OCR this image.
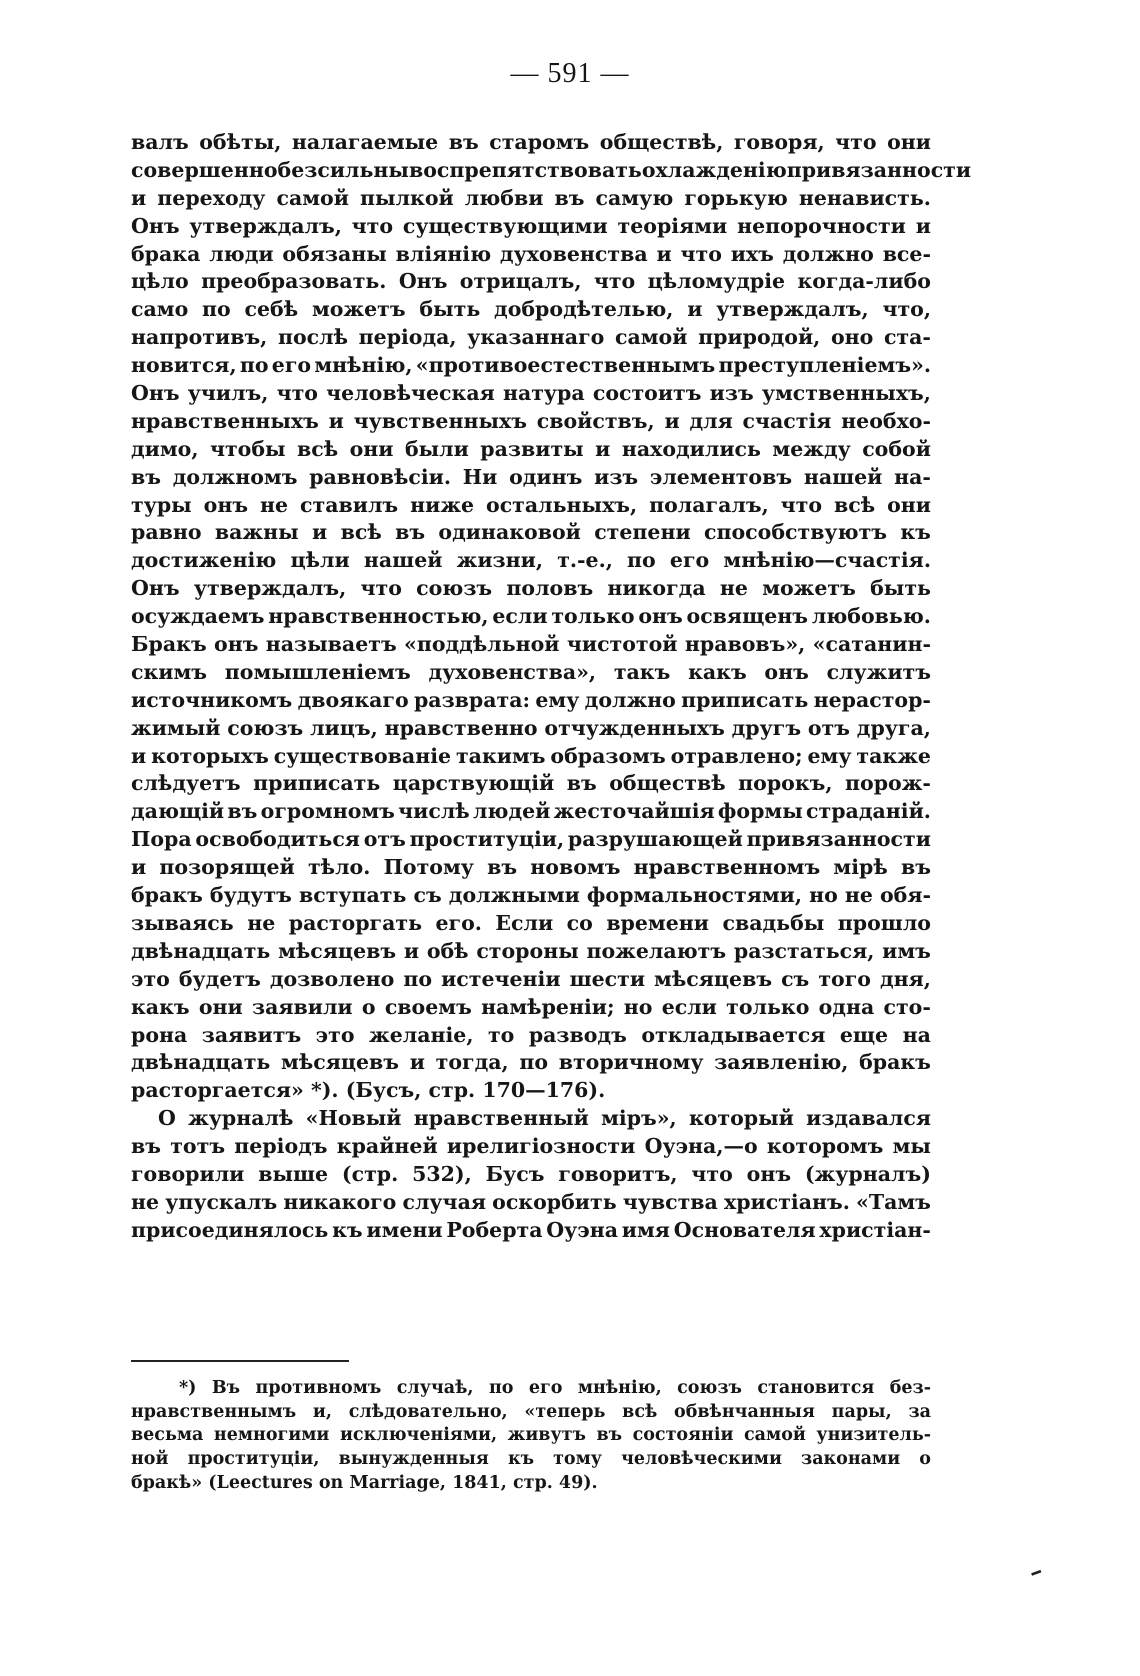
— 591 —
валъ обѣты, налагаемые въ старомъ обществѣ, говоря, что они
совершенно безсильны воспрепятствовать охлажденію привязанности
и переходу самой пылкой любви въ самую горькую ненависть.
Онъ утверждалъ, что существующими теоріями непорочности и
брака люди обязаны вліянію духовенства и что ихъ должно все-
цѣло преобразовать. Онъ отрицалъ, что цѣломудріе когда-либо
само по себѣ можетъ быть добродѣтелью, и утверждалъ, что,
напротивъ, послѣ періода, указаннаго самой природой, оно ста-
новится, по его мнѣнію, «противоестественнымъ преступленіемъ».
Онъ училъ, что человѣческая натура состоитъ изъ умственныхъ,
нравственныхъ и чувственныхъ свойствъ, и для счастія необхо-
димо, чтобы всѣ они были развиты и находились между собой
въ должномъ равновѣсіи. Ни одинъ изъ элементовъ нашей на-
туры онъ не ставилъ ниже остальныхъ, полагалъ, что всѣ они
равно важны и всѣ въ одинаковой степени способствуютъ къ
достиженію цѣли нашей жизни, т.-е., по его мнѣнію—счастія.
Онъ утверждалъ, что союзъ половъ никогда не можетъ быть
осуждаемъ нравственностью, если только онъ освященъ любовью.
Бракъ онъ называетъ «поддѣльной чистотой нравовъ», «сатанин-
скимъ помышленіемъ духовенства», такъ какъ онъ служитъ
источникомъ двоякаго разврата: ему должно приписать нерастор-
жимый союзъ лицъ, нравственно отчужденныхъ другъ отъ друга,
и которыхъ существованіе такимъ образомъ отравлено; ему также
слѣдуетъ приписать царствующій въ обществѣ порокъ, порож-
дающій въ огромномъ числѣ людей жесточайшія формы страданій.
Пора освободиться отъ проституціи, разрушающей привязанности
и позорящей тѣло. Потому въ новомъ нравственномъ мірѣ въ
бракъ будутъ вступать съ должными формальностями, но не обя-
зываясь не расторгать его. Если со времени свадьбы прошло
двѣнадцать мѣсяцевъ и обѣ стороны пожелаютъ разстаться, имъ
это будетъ дозволено по истеченіи шести мѣсяцевъ съ того дня,
какъ они заявили о своемъ намѣреніи; но если только одна сто-
рона заявитъ это желаніе, то разводъ откладывается еще на
двѣнадцать мѣсяцевъ и тогда, по вторичному заявленію, бракъ
расторгается»
*).
(Бусъ,
стр.
170—176).

О журналѣ «Новый нравственный міръ», который издавался
въ тотъ періодъ крайней ирелигіозности Оуэна,—о которомъ мы
говорили выше (стр. 532), Бусъ говоритъ, что онъ (журналъ)
не упускалъ никакого случая оскорбить чувства христіанъ. «Тамъ
присоединялось къ имени Роберта Оуэна имя Основателя христіан-
*) Въ противномъ случаѣ, по его мнѣнію, союзъ становится без-
нравственнымъ и, слѣдовательно, «теперь всѣ обвѣнчанныя пары, за
весьма немногими исключеніями, живутъ въ состояніи самой унизитель-
ной проституціи, вынужденныя къ тому человѣческими законами о
бракѣ»
(Leectures
on
Marriage,
1841,
стр.
49).

━
